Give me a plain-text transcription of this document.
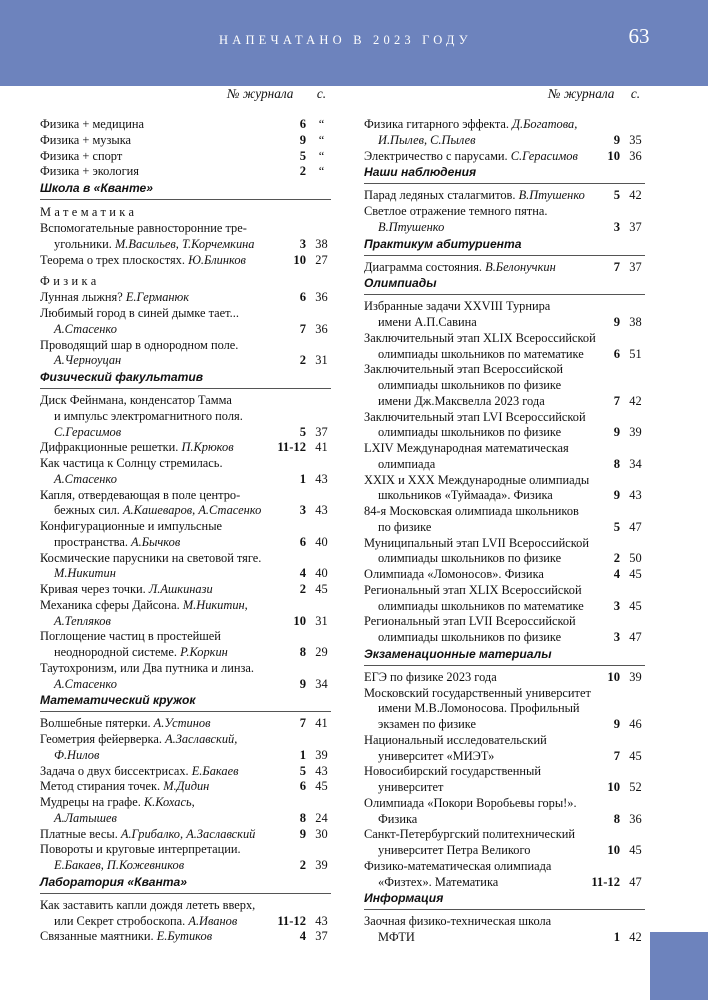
НАПЕЧАТАНО В 2023 ГОДУ	63
№ журнала	с.
Физика + медицина	6	“
Физика + музыка	9	“
Физика + спорт	5	“
Физика + экология	2	“
Школа в «Кванте»
Математика
Вспомогательные равносторонние тре-
угольники. М.Васильев, Т.Корчемкина	3 38
Теорема о трех плоскостях. Ю.Блинков	10 27
Физика
Лунная лыжня? Е.Германюк	6 36
Любимый город в синей дымке тает...
А.Стасенко	7 36
Проводящий шар в однородном поле.
А.Черноуцан	2 31
Физический факультатив
Диск Фейнмана, конденсатор Тамма
и импульс электромагнитного поля.
С.Герасимов	5 37
Дифракционные решетки. П.Крюков	11-12 41
Как частица к Солнцу стремилась.
А.Стасенко	1 43
Капля, отвердевающая в поле центро-
бежных сил. А.Кашеваров, А.Стасенко	3 43
Конфигурационные и импульсные
пространства. А.Бычков	6 40
Космические парусники на световой тяге.
М.Никитин	4 40
Кривая через точки. Л.Ашкинази	2 45
Механика сферы Дайсона. М.Никитин,
А.Тепляков	10 31
Поглощение частиц в простейшей
неоднородной системе. Р.Коркин	8 29
Таутохронизм, или Два путника и линза.
А.Стасенко	9 34
Математический кружок
Волшебные пятерки. А.Устинов	7 41
Геометрия фейерверка. А.Заславский,
Ф.Нилов	1 39
Задача о двух биссектрисах. Е.Бакаев	5 43
Метод стирания точек. М.Дидин	6 45
Мудрецы на графе. К.Кохась,
А.Латышев	8 24
Платные весы. А.Грибалко, А.Заславский	9 30
Повороты и круговые интерпретации.
Е.Бакаев, П.Кожевников	2 39
Лаборатория «Кванта»
Как заставить капли дождя лететь вверх,
или Секрет стробоскопа. А.Иванов	11-12 43
Связанные маятники. Е.Бутиков	4 37
№ журнала	с.
Физика гитарного эффекта. Д.Богатова,
И.Пылев, С.Пылев	9 35
Электричество с парусами. С.Герасимов 10 36
Наши наблюдения
Парад ледяных сталагмитов. В.Птушенко 5 42
Светлое отражение темного пятна.
В.Птушенко	3 37
Практикум абитуриента
Диаграмма состояния. В.Белонучкин	7 37
Олимпиады
Избранные задачи XXVIII Турнира
имени А.П.Савина	9 38
Заключительный этап XLIX Всероссийской
олимпиады школьников по математике 6 51
Заключительный этап Всероссийской
олимпиады школьников по физике
имени Дж.Максвелла 2023 года	7 42
Заключительный этап LVI Всероссийской
олимпиады школьников по физике	9 39
LXIV Международная математическая
олимпиада	8 34
XXIX и XXX Международные олимпиады
школьников «Туймаада». Физика	9 43
84-я Московская олимпиада школьников
по физике	5 47
Муниципальный этап LVII Всероссийской
олимпиады школьников по физике	2 50
Олимпиада «Ломоносов». Физика	4 45
Региональный этап XLIX Всероссийской
олимпиады школьников по математике 3 45
Региональный этап LVII Всероссийской
олимпиады школьников по физике	3 47
Экзаменационные материалы
ЕГЭ по физике 2023 года	10 39
Московский государственный университет
имени М.В.Ломоносова. Профильный
экзамен по физике	9 46
Национальный исследовательский
университет «МИЭТ»	7 45
Новосибирский государственный
университет	10 52
Олимпиада «Покори Воробьевы горы!».
Физика	8 36
Санкт-Петербургский политехнический
университет Петра Великого	10 45
Физико-математическая олимпиада
«Физтех». Математика	11-12 47
Информация
Заочная физико-техническая школа
МФТИ	1 42
